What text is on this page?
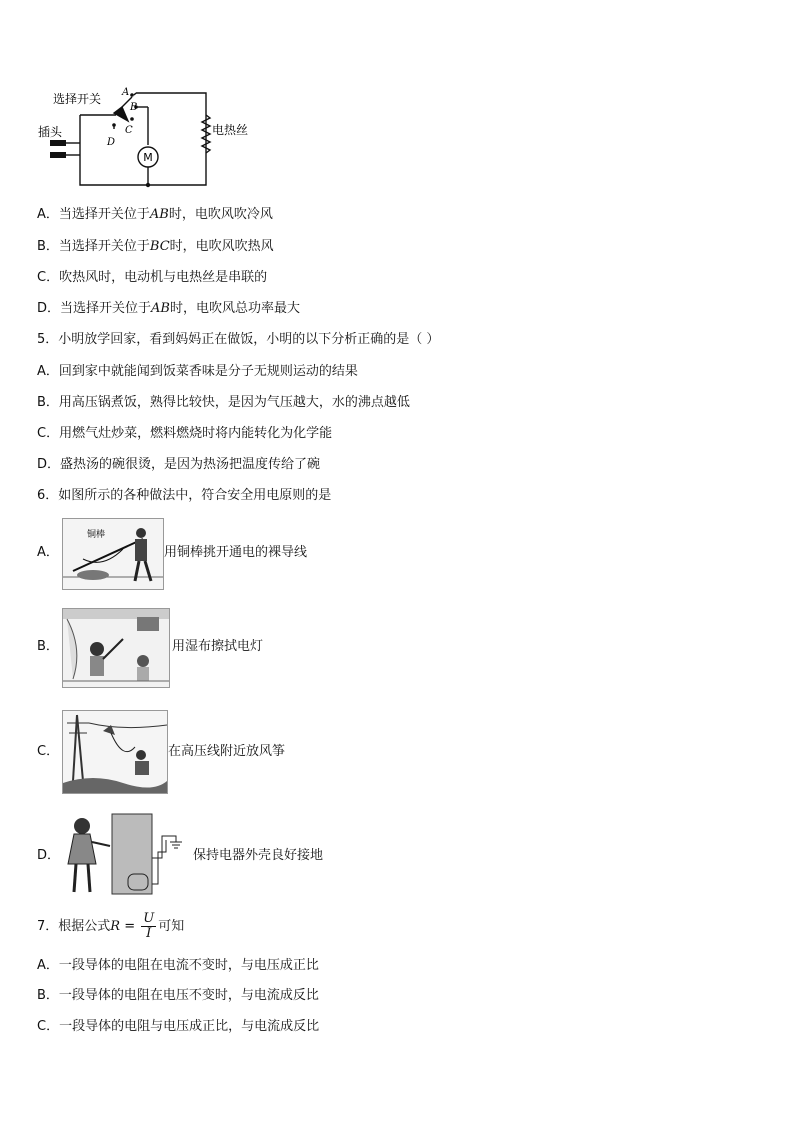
M
选择开关
插头	电热丝
A
B
C
D
A．当选择开关位于AB时，电吹风吹冷风
B．当选择开关位于BC时，电吹风吹热风
C．吹热风时，电动机与电热丝是串联的
D．当选择开关位于AB时，电吹风总功率最大
5．小明放学回家，看到妈妈正在做饭，小明的以下分析正确的是（ ）
A．回到家中就能闻到饭菜香味是分子无规则运动的结果
B．用高压锅煮饭，熟得比较快，是因为气压越大，水的沸点越低
C．用燃气灶炒菜，燃料燃烧时将内能转化为化学能
D．盛热汤的碗很烫，是因为热汤把温度传给了碗
6．如图所示的各种做法中，符合安全用电原则的是
A．
铜棒
用铜棒挑开通电的裸导线
B．	用湿布擦拭电灯
C．	在高压线附近放风筝
D．	保持电器外壳良好接地
7．根据公式$R = \frac{U}{I}$ 可知
A．一段导体的电阻在电流不变时，与电压成正比
B．一段导体的电阻在电压不变时，与电流成反比
C．一段导体的电阻与电压成正比，与电流成反比
